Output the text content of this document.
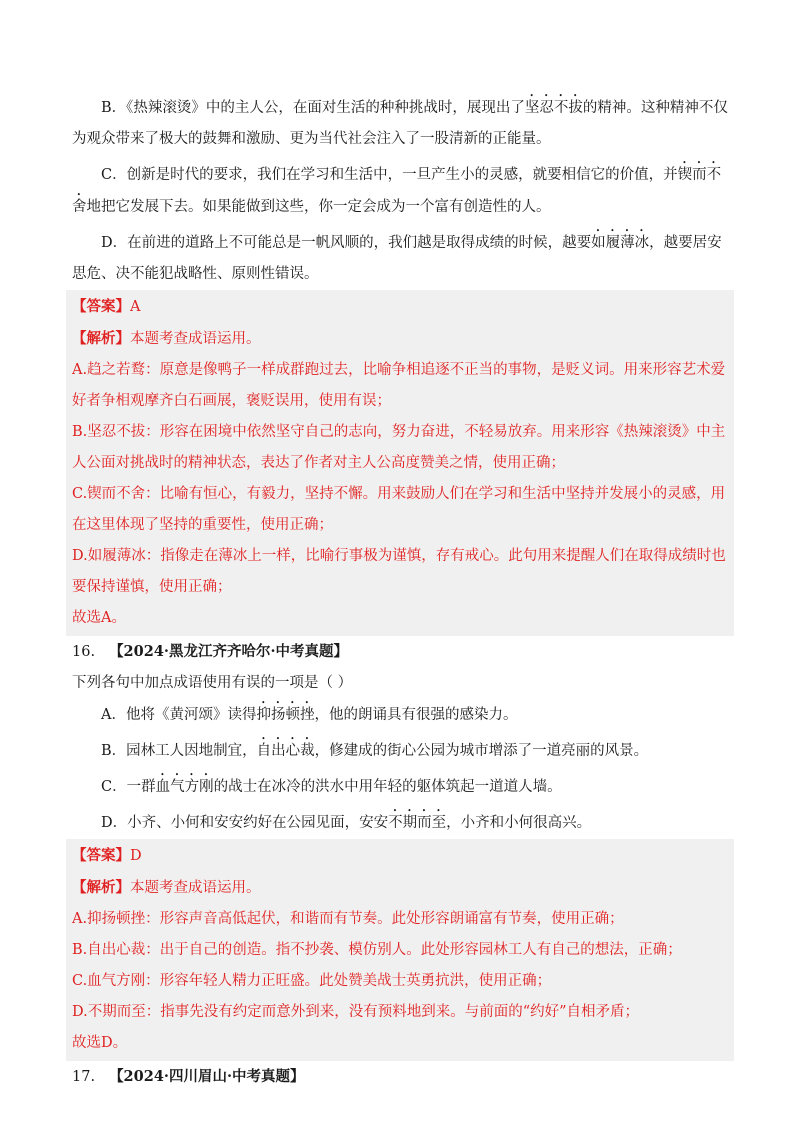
B．《热辣滚烫》中的主人公，在面对生活的种种挑战时，展现出了坚忍不拔的精神。这种精神不仅为观众带来了极大的鼓舞和激励、更为当代社会注入了一股清新的正能量。

C．创新是时代的要求，我们在学习和生活中，一旦产生小的灵感，就要相信它的价值，并锲而不舍地把它发展下去。如果能做到这些，你一定会成为一个富有创造性的人。

D．在前进的道路上不可能总是一帆风顺的，我们越是取得成绩的时候，越要如履薄冰，越要居安思危、决不能犯战略性、原则性错误。

【答案】A

【解析】本题考查成语运用。

A.趋之若鹜：原意是像鸭子一样成群跑过去，比喻争相追逐不正当的事物，是贬义词。用来形容艺术爱好者争相观摩齐白石画展，褒贬误用，使用有误；

B.坚忍不拔：形容在困境中依然坚守自己的志向，努力奋进，不轻易放弃。用来形容《热辣滚烫》中主人公面对挑战时的精神状态，表达了作者对主人公高度赞美之情，使用正确；

C.锲而不舍：比喻有恒心，有毅力，坚持不懈。用来鼓励人们在学习和生活中坚持并发展小的灵感，用在这里体现了坚持的重要性，使用正确；

D.如履薄冰：指像走在薄冰上一样，比喻行事极为谨慎，存有戒心。此句用来提醒人们在取得成绩时也要保持谨慎，使用正确；

故选A。

16. 【2024·黑龙江齐齐哈尔·中考真题】

下列各句中加点成语使用有误的一项是（ ）

A．他将《黄河颂》读得抑扬顿挫，他的朗诵具有很强的感染力。

B．园林工人因地制宜，自出心裁，修建成的街心公园为城市增添了一道亮丽的风景。

C．一群血气方刚的战士在冰冷的洪水中用年轻的躯体筑起一道道人墙。

D．小齐、小何和安安约好在公园见面，安安不期而至，小齐和小何很高兴。

【答案】D

【解析】本题考查成语运用。

A.抑扬顿挫：形容声音高低起伏，和谐而有节奏。此处形容朗诵富有节奏，使用正确；

B.自出心裁：出于自己的创造。指不抄袭、模仿别人。此处形容园林工人有自己的想法，正确；

C.血气方刚：形容年轻人精力正旺盛。此处赞美战士英勇抗洪，使用正确；

D.不期而至：指事先没有约定而意外到来，没有预料地到来。与前面的“约好”自相矛盾；

故选D。

17. 【2024·四川眉山·中考真题】
